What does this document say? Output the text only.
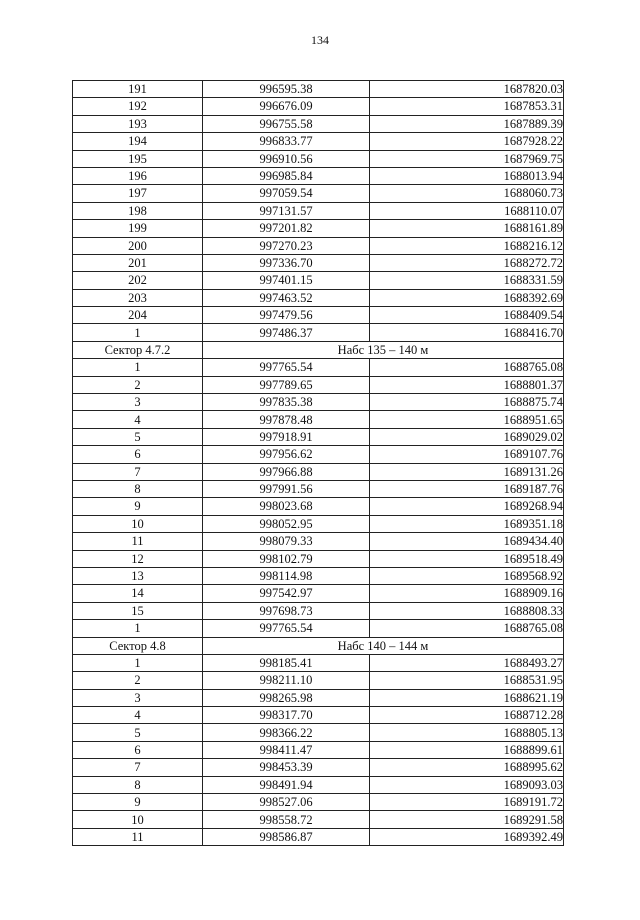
134
191	996595.38	1687820.03
192	996676.09	1687853.31
193	996755.58	1687889.39
194	996833.77	1687928.22
195	996910.56	1687969.75
196	996985.84	1688013.94
197	997059.54	1688060.73
198	997131.57	1688110.07
199	997201.82	1688161.89
200	997270.23	1688216.12
201	997336.70	1688272.72
202	997401.15	1688331.59
203	997463.52	1688392.69
204	997479.56	1688409.54
1	997486.37	1688416.70
Сектор 4.7.2	Набс 135 – 140 м	
1	997765.54	1688765.08
2	997789.65	1688801.37
3	997835.38	1688875.74
4	997878.48	1688951.65
5	997918.91	1689029.02
6	997956.62	1689107.76
7	997966.88	1689131.26
8	997991.56	1689187.76
9	998023.68	1689268.94
10	998052.95	1689351.18
11	998079.33	1689434.40
12	998102.79	1689518.49
13	998114.98	1689568.92
14	997542.97	1688909.16
15	997698.73	1688808.33
1	997765.54	1688765.08
Сектор 4.8	Набс 140 – 144 м	
1	998185.41	1688493.27
2	998211.10	1688531.95
3	998265.98	1688621.19
4	998317.70	1688712.28
5	998366.22	1688805.13
6	998411.47	1688899.61
7	998453.39	1688995.62
8	998491.94	1689093.03
9	998527.06	1689191.72
10	998558.72	1689291.58
11	998586.87	1689392.49
